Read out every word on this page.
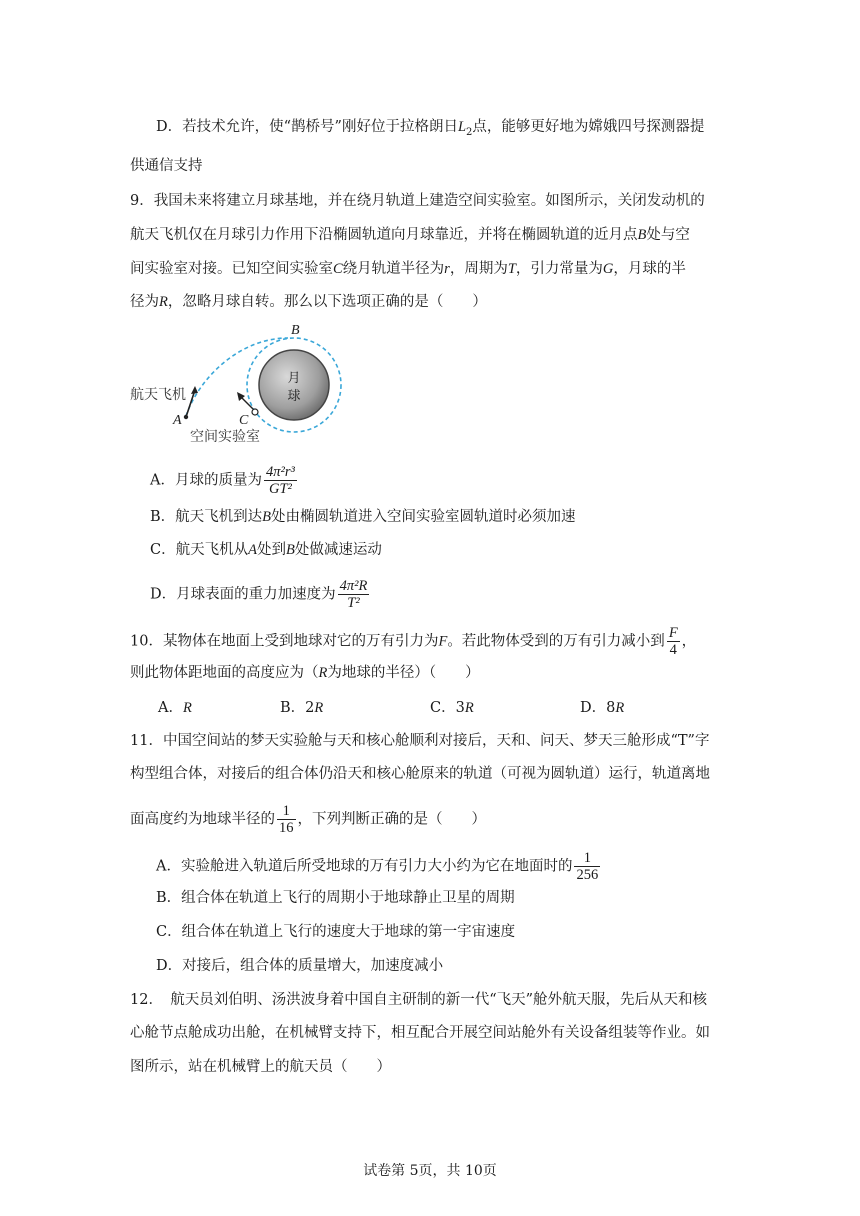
D．若技术允许，使“鹊桥号”刚好位于拉格朗日$L_2$点，能够更好地为嫦娥四号探测器提
供通信支持
9．我国未来将建立月球基地，并在绕月轨道上建造空间实验室。如图所示，关闭发动机的
航天飞机仅在月球引力作用下沿椭圆轨道向月球靠近，并将在椭圆轨道的近月点B处与空
间实验室对接。已知空间实验室C绕月轨道半径为r，周期为T，引力常量为G，月球的半
径为R，忽略月球自转。那么以下选项正确的是（　　）
月
球
B
A	C
航天飞机
空间实验室
A．月球的质量为 $\frac{\text{4π²r³}}{\text{GT²}}$
B．航天飞机到达B处由椭圆轨道进入空间实验室圆轨道时必须加速
C．航天飞机从A处到B处做减速运动
D．月球表面的重力加速度为 $\frac{\text{4π²R}}{\text{T²}}$
10．某物体在地面上受到地球对它的万有引力为F。若此物体受到的万有引力减小到 $\frac{F}{4}$ ，
则此物体距地面的高度应为（R为地球的半径）（　　）
A．R	B．2R	C．3R	D．8R
11．中国空间站的梦天实验舱与天和核心舱顺利对接后，天和、问天、梦天三舱形成“T”字
构型组合体，对接后的组合体仍沿天和核心舱原来的轨道（可视为圆轨道）运行，轨道离地
面高度约为地球半径的 $\frac{1}{16}$ ，下列判断正确的是（　　）
A．实验舱进入轨道后所受地球的万有引力大小约为它在地面时的 $\frac{1}{256}$
B．组合体在轨道上飞行的周期小于地球静止卫星的周期
C．组合体在轨道上飞行的速度大于地球的第一宇宙速度
D．对接后，组合体的质量增大，加速度减小
12．　航天员刘伯明、汤洪波身着中国自主研制的新一代“飞天”舱外航天服，先后从天和核
心舱节点舱成功出舱，在机械臂支持下，相互配合开展空间站舱外有关设备组装等作业。如
图所示，站在机械臂上的航天员（　　）
试卷第 5页，共 10页
